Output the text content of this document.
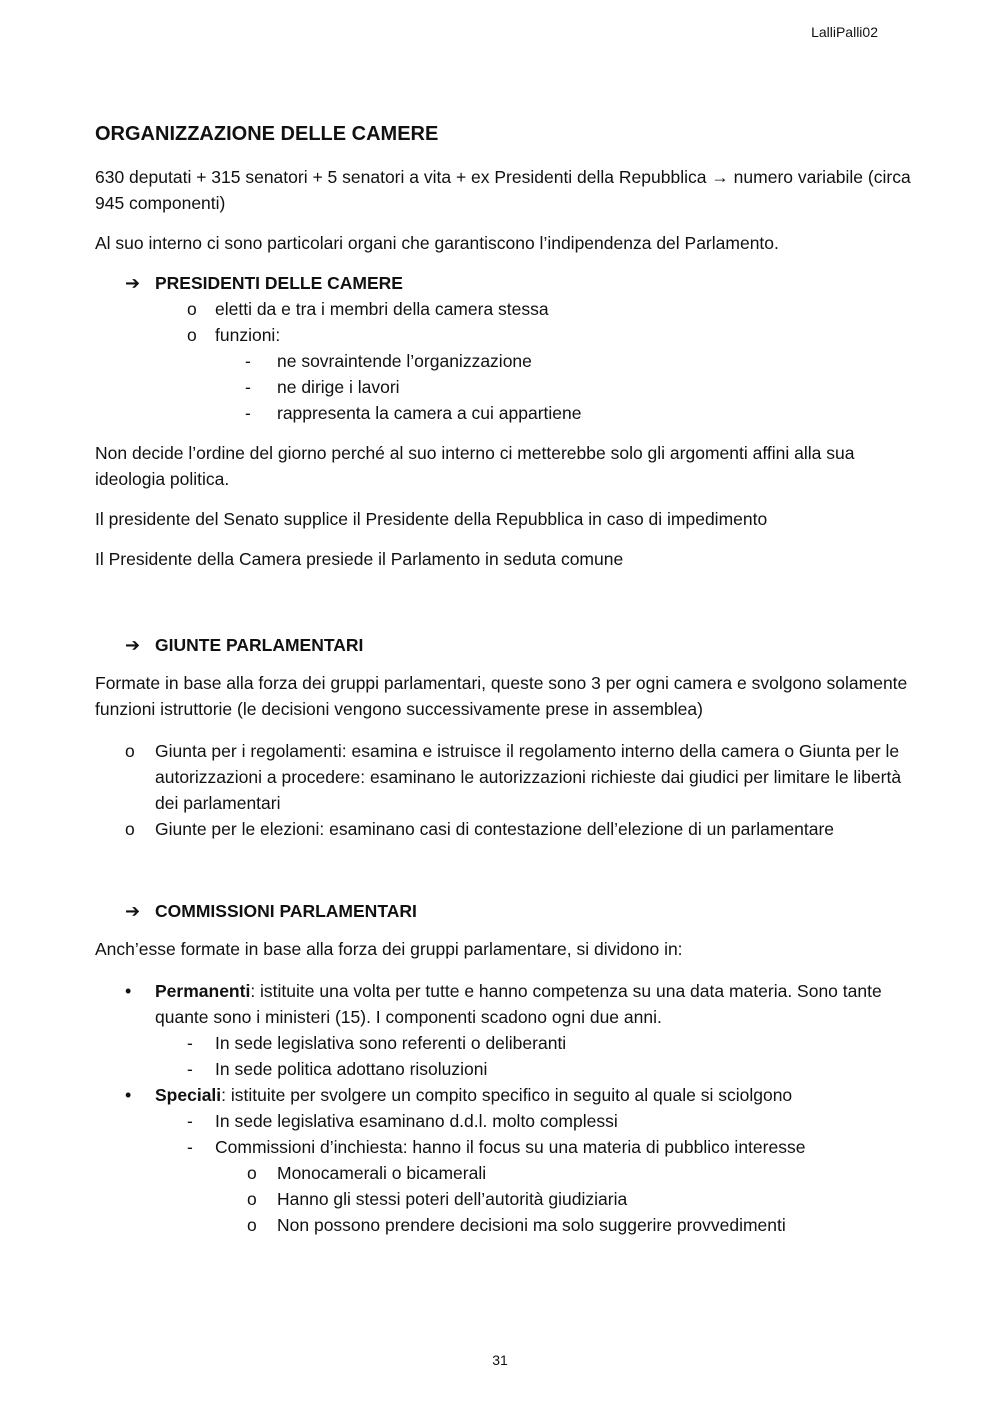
LalliPalli02
ORGANIZZAZIONE DELLE CAMERE

630 deputati + 315 senatori + 5 senatori a vita + ex Presidenti della Repubblica → numero variabile (circa 945 componenti)

Al suo interno ci sono particolari organi che garantiscono l’indipendenza del Parlamento.

➔ PRESIDENTI DELLE CAMERE
o eletti da e tra i membri della camera stessa
o funzioni:
- ne sovraintende l’organizzazione
- ne dirige i lavori
- rappresenta la camera a cui appartiene

Non decide l’ordine del giorno perché al suo interno ci metterebbe solo gli argomenti affini alla sua ideologia politica.

Il presidente del Senato supplice il Presidente della Repubblica in caso di impedimento

Il Presidente della Camera presiede il Parlamento in seduta comune

➔ GIUNTE PARLAMENTARI

Formate in base alla forza dei gruppi parlamentari, queste sono 3 per ogni camera e svolgono solamente funzioni istruttorie (le decisioni vengono successivamente prese in assemblea)

o Giunta per i regolamenti: esamina e istruisce il regolamento interno della camera o Giunta per le autorizzazioni a procedere: esaminano le autorizzazioni richieste dai giudici per limitare le libertà dei parlamentari
o Giunte per le elezioni: esaminano casi di contestazione dell’elezione di un parlamentare
➔ COMMISSIONI PARLAMENTARI

Anch’esse formate in base alla forza dei gruppi parlamentare, si dividono in:

• Permanenti: istituite una volta per tutte e hanno competenza su una data materia. Sono tante quante sono i ministeri (15). I componenti scadono ogni due anni.
- In sede legislativa sono referenti o deliberanti
- In sede politica adottano risoluzioni
• Speciali: istituite per svolgere un compito specifico in seguito al quale si sciolgono
- In sede legislativa esaminano d.d.l. molto complessi
- Commissioni d’inchiesta: hanno il focus su una materia di pubblico interesse
o Monocamerali o bicamerali
o Hanno gli stessi poteri dell’autorità giudiziaria
o Non possono prendere decisioni ma solo suggerire provvedimenti
31
